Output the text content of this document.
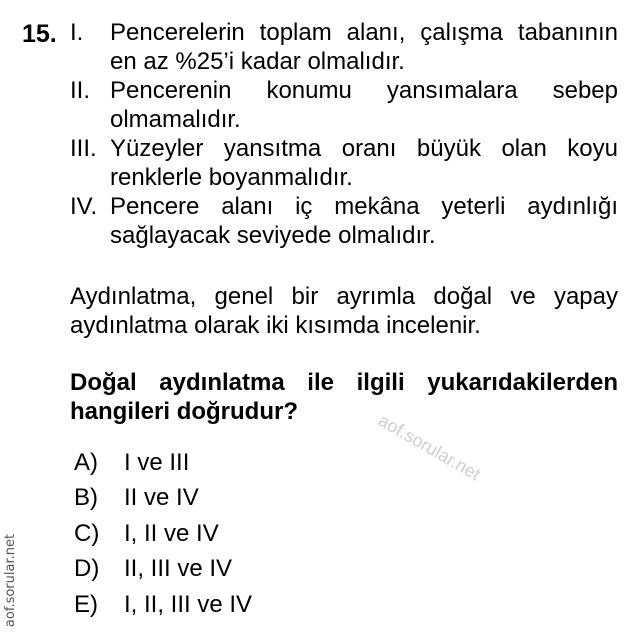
15. I.	Pencerelerin toplam alanı, çalışma tabanının en az %25’i kadar olmalıdır.
II. Pencerenin konumu yansımalara sebep olmamalıdır.
III. Yüzeyler yansıtma oranı büyük olan koyu renklerle boyanmalıdır.
IV. Pencere alanı iç mekâna yeterli aydınlığı sağlayacak seviyede olmalıdır.
Aydınlatma, genel bir ayrımla doğal ve yapay aydınlatma olarak iki kısımda incelenir.
Doğal aydınlatma ile ilgili yukarıdakilerden hangileri doğrudur?	aof.sorular.net
A)	I ve III
B)	II ve IV
C)	I, II ve IV
D)	II, III ve IV
E)	I, II, III ve IV
aof.sorular.net
